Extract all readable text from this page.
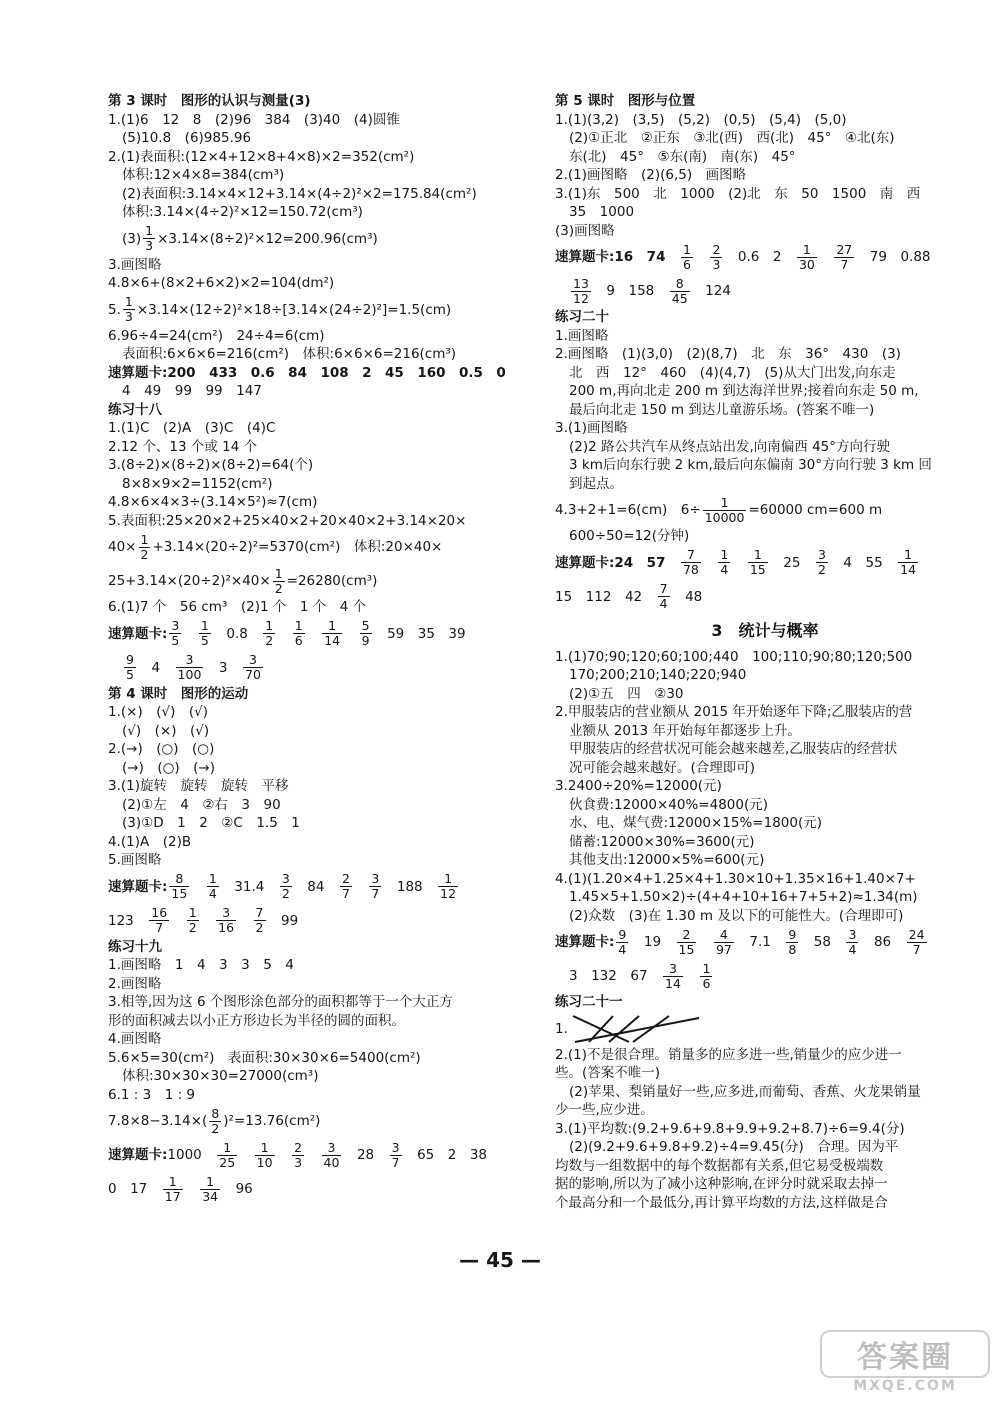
第 3 课时　图形的认识与测量(3)
1.(1)6　12　8　(2)96　384　(3)40　(4)圆锥
(5)10.8　(6)985.96
2.(1)表面积:(12×4+12×8+4×8)×2=352(cm²)
体积:12×4×8=384(cm³)
(2)表面积:3.14×4×12+3.14×(4÷2)²×2=175.84(cm²)
体积:3.14×(4÷2)²×12=150.72(cm³)
$(3) \frac{1}{3} \times 3.14\times(8\div 2)^2\times 12=200.96(cm^3)$
3.画图略
4.8×6+(8×2+6×2)×2=104(dm²)
5. $\frac{1}{3} \times 3.14\times(12\div 2)^2\times 18\div[3.14\times(24\div 2)^2]=1.5(cm)$
6.96÷4=24(cm²)　24÷4=6(cm)
表面积:6×6×6=216(cm²)　体积:6×6×6=216(cm³)
速算题卡:200　433　0.6　84　108　2　45　160　0.5　0
4　49　99　99　147
练习十八
1.(1)C　(2)A　(3)C　(4)C
2.12 个、13 个或 14 个
3.(8÷2)×(8÷2)×(8÷2)=64(个)
8×8×9×2=1152(cm²)
4.8×6×4×3÷(3.14×5²)≈7(cm)
5.表面积:25×20×2+25×40×2+20×40×2+3.14×20×
$40\times \frac{1}{2} +3.14\times(20\div 2)^2=5370(cm^2)$　体积:20×40×
$25+3.14\times(20\div 2)^2\times 40\times \frac{1}{2} =26280(cm^3)$
6.(1)7 个　56 cm³　(2)1 个　1 个　4 个
速算题卡: $\frac{3}{5}$
　 $\frac{1}{5}$
　 0.8　 $\frac{1}{2}$
　 $\frac{1}{6}$
　 $\frac{1}{14}$
　 $\frac{5}{9}$
　 59　35　39
$\frac{9}{5}$
　 4　 $\frac{3}{100}$
　 3　 $\frac{3}{70}$
第 4 课时　图形的运动
1.(×)　(√)　(√)
(√)　(×)　(√)
2.(→)　(○)　(○)
(→)　(○)　(→)
3.(1)旋转　旋转　旋转　平移
(2)①左　4　②右　3　90
(3)①D　1　2　②C　1.5　1
4.(1)A　(2)B
5.画图略
速算题卡: $\frac{8}{15}$
　 $\frac{1}{4}$
　 31.4　 $\frac{3}{2}$
　 84　 $\frac{2}{7}$
　 $\frac{3}{7}$
　 188　 $\frac{1}{12}$
123　 $\frac{16}{7}$
　 $\frac{1}{2}$
　 $\frac{3}{16}$
　 $\frac{7}{2}$
　 99
练习十九
1.画图略　1　4　3　3　5　4
2.画图略
3.相等,因为这 6 个图形涂色部分的面积都等于一个大正方
形的面积减去以小正方形边长为半径的圆的面积。
4.画图略
5.6×5=30(cm²)　表面积:30×30×6=5400(cm²)
体积:30×30×30=27000(cm³)
6.1 : 3　1 : 9
$7.8\times 8-3.14\times( \frac{8}{2} )^2=13.76(cm^2)$
速算题卡:1000　 $\frac{1}{25}$
　 $\frac{1}{10}$
　 $\frac{2}{3}$
　 $\frac{3}{40}$
　 28　 $\frac{3}{7}$
　 65　2　38
0　17　 $\frac{1}{17}$
　 $\frac{1}{34}$
　 96
第 5 课时　图形与位置
1.(1)(3,2)　(3,5)　(5,2)　(0,5)　(5,4)　(5,0)
(2)①正北　②正东　③北(西)　西(北)　45°　④北(东)
东(北)　45°　⑤东(南)　南(东)　45°
2.(1)画图略　(2)(6,5)　画图略
3.(1)东　500　北　1000　(2)北　东　50　1500　南　西
35　1000
(3)画图略
速算题卡:16　74　 $\frac{1}{6}$
　 $\frac{2}{3}$
　 0.6　2　 $\frac{1}{30}$
　 $\frac{27}{7}$
　 79　0.88
$\frac{13}{12}$
　 9　158　 $\frac{8}{45}$
　 124
练习二十
1.画图略
2.画图略　(1)(3,0)　(2)(8,7)　北　东　36°　430　(3)
北　西　12°　460　(4)(4,7)　(5)从大门出发,向东走
200 m,再向北走 200 m 到达海洋世界;接着向东走 50 m,
最后向北走 150 m 到达儿童游乐场。(答案不唯一)
3.(1)画图略
(2)2 路公共汽车从终点站出发,向南偏西 45°方向行驶
3 km后向东行驶 2 km,最后向东偏南 30°方向行驶 3 km 回
到起点。
4.3+2+1=6(cm)　$6\div \frac{1}{10000} =60000$ cm=600 m
600÷50=12(分钟)
速算题卡:24　57　 $\frac{7}{78}$
　 $\frac{1}{4}$
　 $\frac{1}{15}$
　 25　 $\frac{3}{2}$
　 4　55　 $\frac{1}{14}$
15　112　42　 $\frac{7}{4}$
　 48
3　统计与概率
1.(1)70;90;120;60;100;440　100;110;90;80;120;500
170;200;210;140;220;940
(2)①五　四　②30
2.甲服装店的营业额从 2015 年开始逐年下降;乙服装店的营
业额从 2013 年开始每年都逐步上升。
甲服装店的经营状况可能会越来越差,乙服装店的经营状
况可能会越来越好。(合理即可)
3.2400÷20%=12000(元)
伙食费:12000×40%=4800(元)
水、电、煤气费:12000×15%=1800(元)
储蓄:12000×30%=3600(元)
其他支出:12000×5%=600(元)
4.(1)(1.20×4+1.25×4+1.30×10+1.35×16+1.40×7+
1.45×5+1.50×2)÷(4+4+10+16+7+5+2)≈1.34(m)
(2)众数　(3)在 1.30 m 及以下的可能性大。(合理即可)
速算题卡: $\frac{9}{4}$
　 19　 $\frac{2}{15}$
　 $\frac{4}{97}$
　 7.1　 $\frac{9}{8}$
　 58　 $\frac{3}{4}$
　 86　 $\frac{24}{7}$
3　132　67　 $\frac{3}{14}$
　 $\frac{1}{6}$
练习二十一
1.
2.(1)不是很合理。销量多的应多进一些,销量少的应少进一
些。(答案不唯一)
(2)苹果、梨销量好一些,应多进,而葡萄、香蕉、火龙果销量
少一些,应少进。
3.(1)平均数:(9.2+9.6+9.8+9.9+9.2+8.7)÷6=9.4(分)
(2)(9.2+9.6+9.8+9.2)÷4=9.45(分)　合理。因为平
均数与一组数据中的每个数据都有关系,但它易受极端数
据的影响,所以为了减小这种影响,在评分时就采取去掉一
个最高分和一个最低分,再计算平均数的方法,这样做是合
— 45 —
答案圈
MXQE.COM
